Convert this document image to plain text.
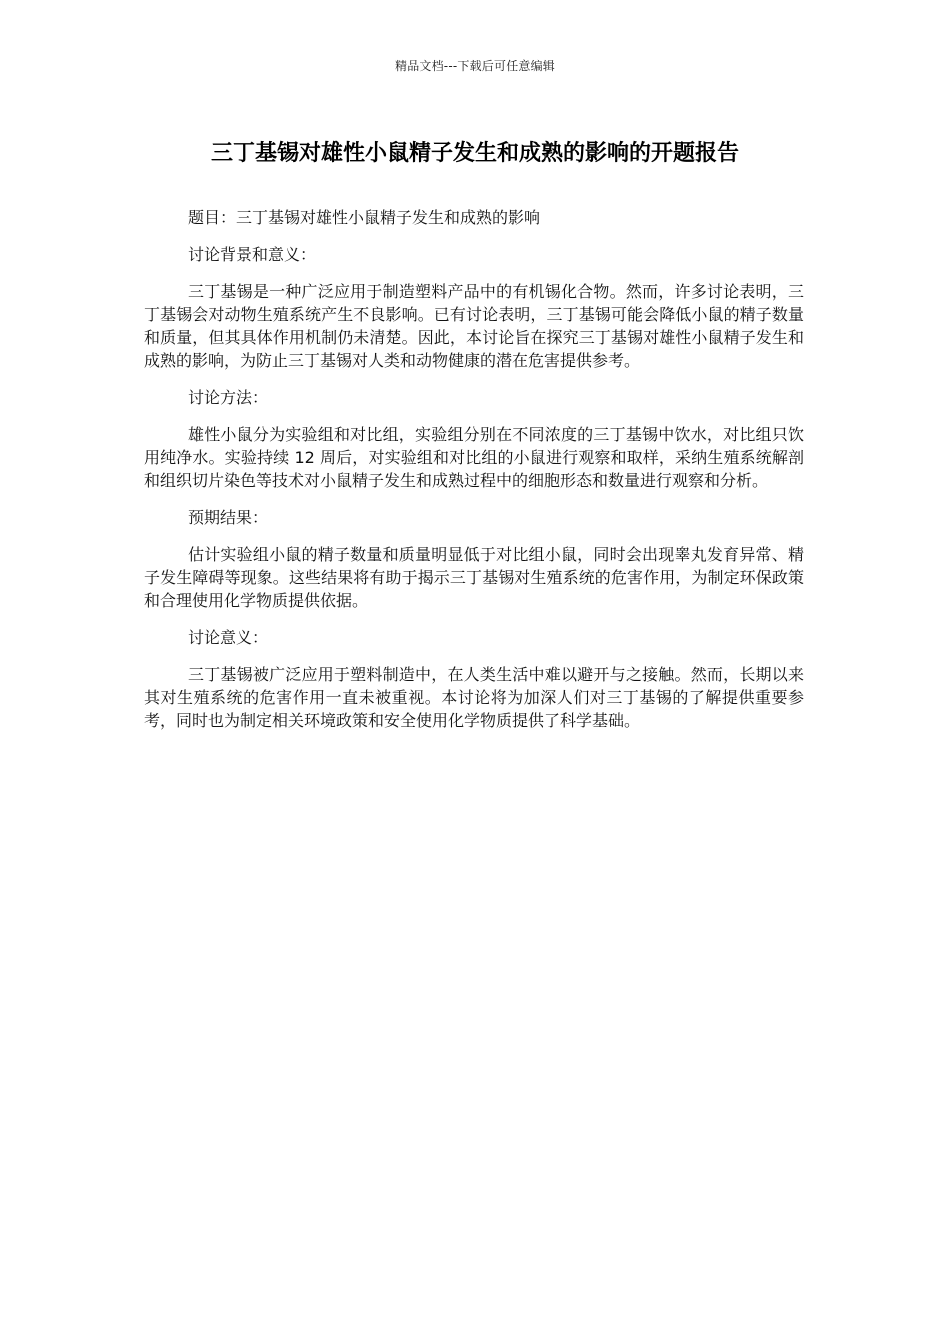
精品文档---下载后可任意编辑
三丁基锡对雄性小鼠精子发生和成熟的影响的开题报告

题目：三丁基锡对雄性小鼠精子发生和成熟的影响

讨论背景和意义：

三丁基锡是一种广泛应用于制造塑料产品中的有机锡化合物。然而，许多讨论表明，三丁基锡会对动物生殖系统产生不良影响。已有讨论表明，三丁基锡可能会降低小鼠的精子数量和质量，但其具体作用机制仍未清楚。因此，本讨论旨在探究三丁基锡对雄性小鼠精子发生和成熟的影响，为防止三丁基锡对人类和动物健康的潜在危害提供参考。

讨论方法：

雄性小鼠分为实验组和对比组，实验组分别在不同浓度的三丁基锡中饮水，对比组只饮用纯净水。实验持续 12 周后，对实验组和对比组的小鼠进行观察和取样，采纳生殖系统解剖和组织切片染色等技术对小鼠精子发生和成熟过程中的细胞形态和数量进行观察和分析。

预期结果：

估计实验组小鼠的精子数量和质量明显低于对比组小鼠，同时会出现睾丸发育异常、精子发生障碍等现象。这些结果将有助于揭示三丁基锡对生殖系统的危害作用，为制定环保政策和合理使用化学物质提供依据。

讨论意义：

三丁基锡被广泛应用于塑料制造中，在人类生活中难以避开与之接触。然而，长期以来其对生殖系统的危害作用一直未被重视。本讨论将为加深人们对三丁基锡的了解提供重要参考，同时也为制定相关环境政策和安全使用化学物质提供了科学基础。
